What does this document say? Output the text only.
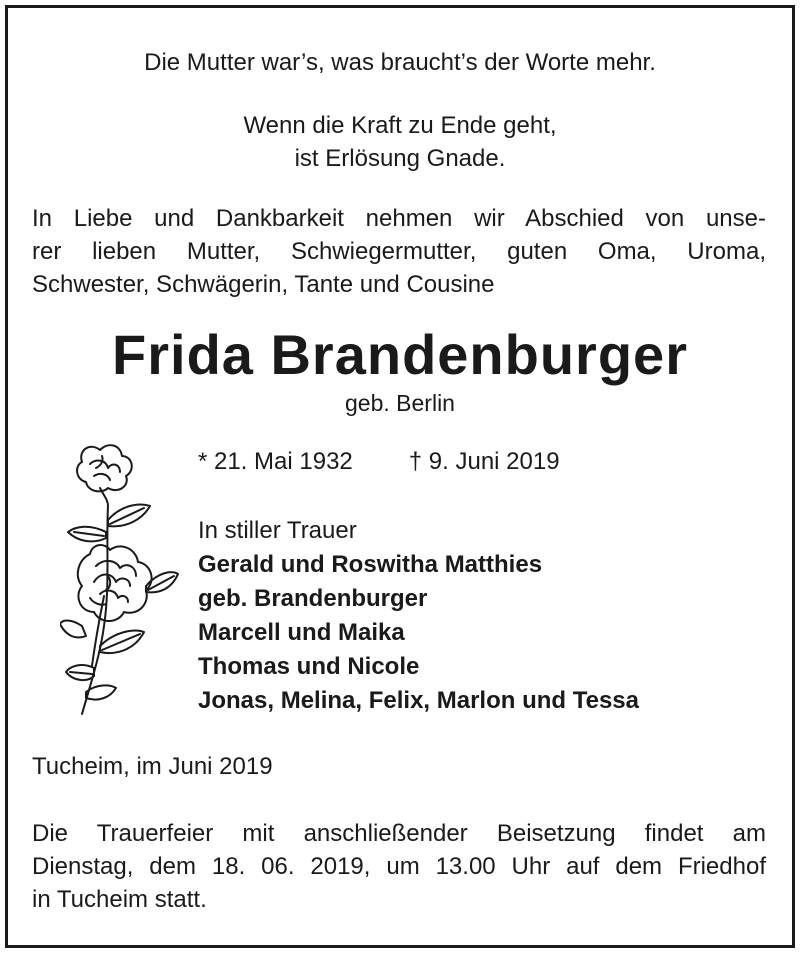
Die Mutter war’s, was braucht’s der Worte mehr.
Wenn die Kraft zu Ende geht,
ist Erlösung Gnade.
In Liebe und Dankbarkeit nehmen wir Abschied von unse-
rer lieben Mutter, Schwiegermutter, guten Oma, Uroma,
Schwester, Schwägerin, Tante und Cousine
Frida Brandenburger
geb. Berlin
* 21. Mai 1932 † 9. Juni 2019
In stiller Trauer
Gerald und Roswitha Matthies
geb. Brandenburger
Marcell und Maika
Thomas und Nicole
Jonas, Melina, Felix, Marlon und Tessa
Tucheim, im Juni 2019
Die Trauerfeier mit anschließender Beisetzung findet am
Dienstag, dem 18. 06. 2019, um 13.00 Uhr auf dem Friedhof
in Tucheim statt.
